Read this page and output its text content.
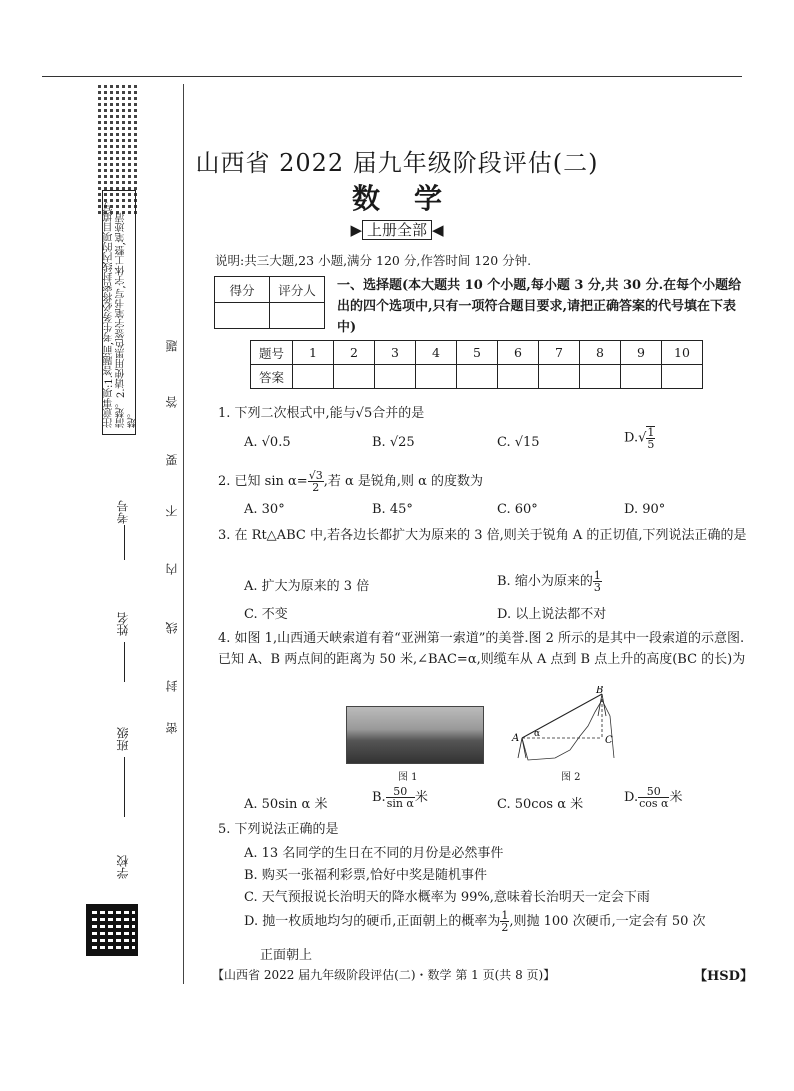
注意事项:1.答题前,考生务必将密封线内的项目填写清楚。2.请使用黑色签字笔书写,字体工整,笔迹清楚。
考号
姓名
班级
学校
密
封
线
内
不
要
答
题
山西省 2022 届九年级阶段评估(二)
数学
▶ 上册全部 ◀
说明:共三大题,23 小题,满分 120 分,作答时间 120 分钟.
得分	评分人
	一、选择题(本大题共 10 个小题,每小题 3 分,共 30 分.在每个小题给出的四个选项中,只有一项符合题目要求,请把正确答案的代号填在下表中)
题号	1	2	3	4	5	6	7	8	9	10
答案										
1. 下列二次根式中,能与√5合并的是
A. √0.5	B. √25	C. √15	$D.√ \frac{1}{5}$
2. 已知 $\sin \alpha= \frac{√3}{2}$ ,若 α 是锐角,则 α 的度数为
A. 30°	B. 45°	C. 60°	D. 90°
3. 在 Rt△ABC 中,若各边长都扩大为原来的 3 倍,则关于锐角 A 的正切值,下列说法正确的是
A. 扩大为原来的 3 倍	B. 缩小为原来的 $\frac{1}{3}$
C. 不变	D. 以上说法都不对
4. 如图 1,山西通天峡索道有着“亚洲第一索道”的美誉.图 2 所示的是其中一段索道的示意图.已知 A、B 两点间的距离为 50 米,∠BAC=α,则缆车从 A 点到 B 点上升的高度(BC 的长)为
图 1
A
B
C
α
图 2
A. 50sin α 米	B. $\frac{50}{\text{sin α}}$ 米	C. 50cos α 米	D. $\frac{50}{\text{cos α}}$ 米
5. 下列说法正确的是
A. 13 名同学的生日在不同的月份是必然事件
B. 购买一张福利彩票,恰好中奖是随机事件
C. 天气预报说长治明天的降水概率为 99%,意味着长治明天一定会下雨
D. 抛一枚质地均匀的硬币,正面朝上的概率为 $\frac{1}{2}$ ,则抛 100 次硬币,一定会有 50 次
正面朝上
【山西省 2022 届九年级阶段评估(二)・数学 第 1 页(共 8 页)】	【HSD】
